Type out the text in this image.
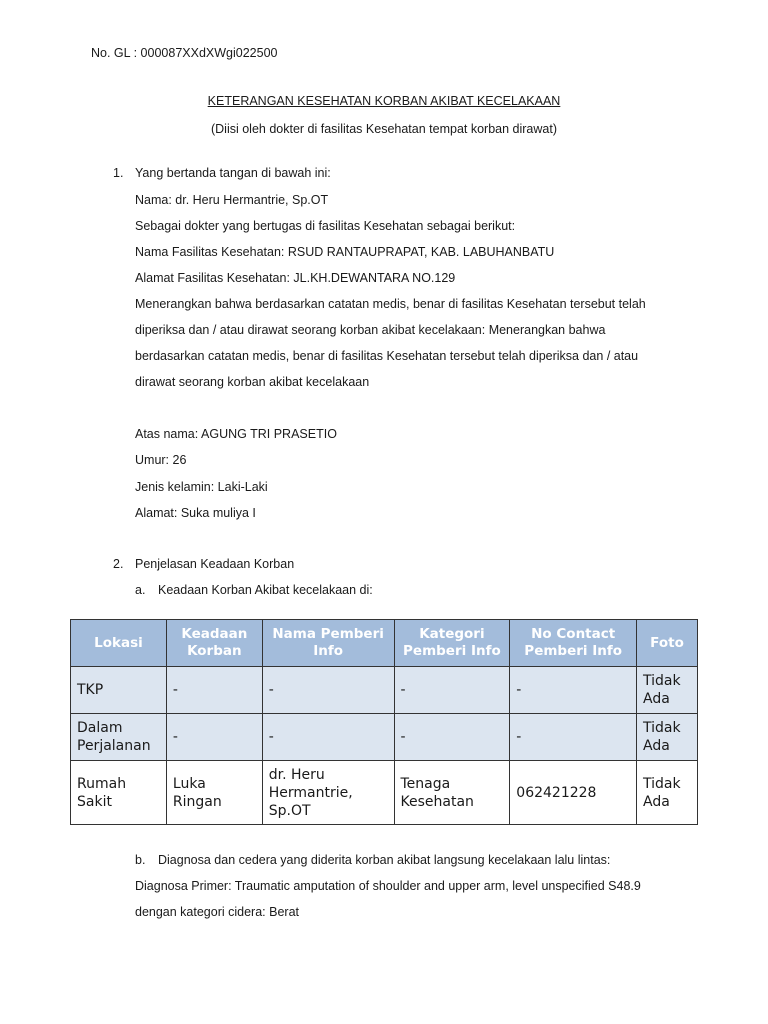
No. GL : 000087XXdXWgi022500
KETERANGAN KESEHATAN KORBAN AKIBAT KECELAKAAN
(Diisi oleh dokter di fasilitas Kesehatan tempat korban dirawat)
1. Yang bertanda tangan di bawah ini:
Nama: dr. Heru Hermantrie, Sp.OT
Sebagai dokter yang bertugas di fasilitas Kesehatan sebagai berikut:
Nama Fasilitas Kesehatan: RSUD RANTAUPRAPAT, KAB. LABUHANBATU
Alamat Fasilitas Kesehatan: JL.KH.DEWANTARA NO.129
Menerangkan bahwa berdasarkan catatan medis, benar di fasilitas Kesehatan tersebut telah
diperiksa dan / atau dirawat seorang korban akibat kecelakaan: Menerangkan bahwa
berdasarkan catatan medis, benar di fasilitas Kesehatan tersebut telah diperiksa dan / atau
dirawat seorang korban akibat kecelakaan
Atas nama: AGUNG TRI PRASETIO
Umur: 26
Jenis kelamin: Laki-Laki
Alamat: Suka muliya I
2. Penjelasan Keadaan Korban
a. Keadaan Korban Akibat kecelakaan di:
Lokasi	Keadaan Korban	Nama Pemberi Info	Kategori Pemberi Info	No Contact Pemberi Info	Foto
TKP	-	-	-	-	Tidak Ada
Dalam Perjalanan	-	-	-	-	Tidak Ada
Rumah Sakit	Luka Ringan	dr. Heru Hermantrie, Sp.OT	Tenaga Kesehatan	062421228	Tidak Ada
b. Diagnosa dan cedera yang diderita korban akibat langsung kecelakaan lalu lintas:
Diagnosa Primer: Traumatic amputation of shoulder and upper arm, level unspecified S48.9
dengan kategori cidera: Berat
